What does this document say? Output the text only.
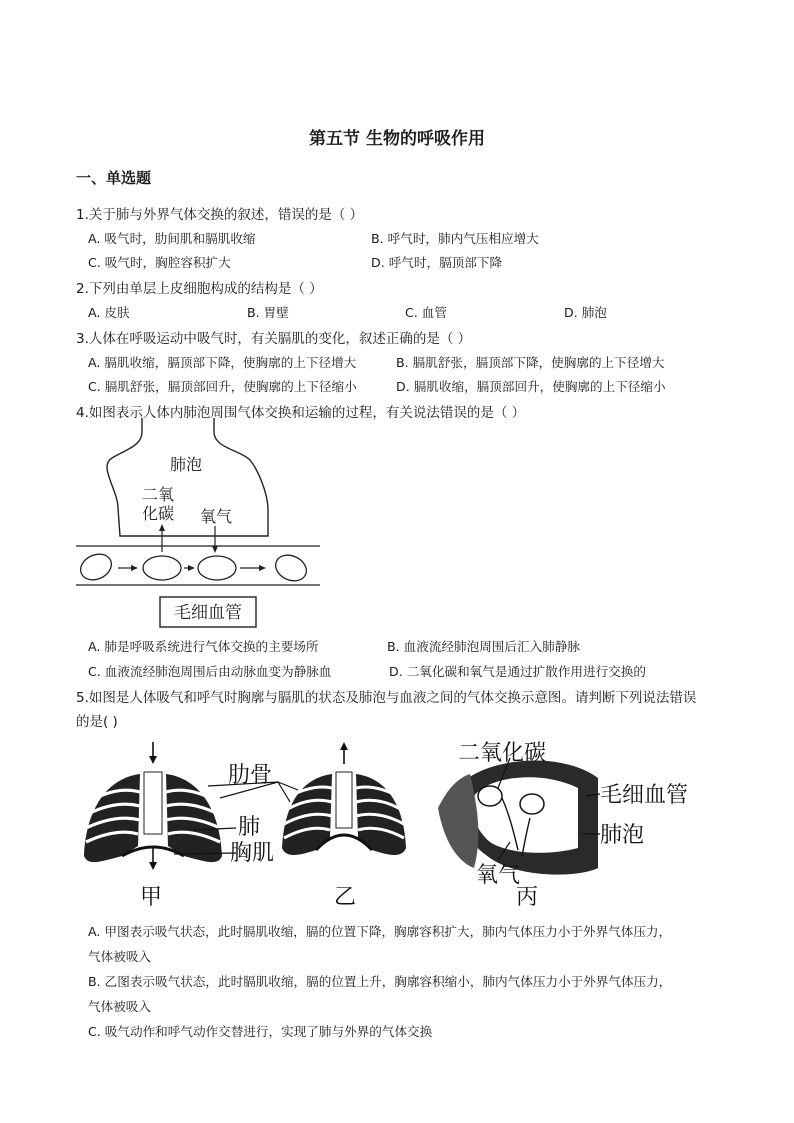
第五节 生物的呼吸作用
一、单选题
1.关于肺与外界气体交换的叙述，错误的是（ ）
A. 吸气时，肋间肌和膈肌收缩	B. 呼气时，肺内气压相应增大
C. 吸气时，胸腔容积扩大	D. 呼气时，膈顶部下降
2.下列由单层上皮细胞构成的结构是（ ）
A. 皮肤	B. 胃壁	C. 血管	D. 肺泡
3.人体在呼吸运动中吸气时，有关膈肌的变化，叙述正确的是（ ）
A. 膈肌收缩，膈顶部下降，使胸廓的上下径增大	B. 膈肌舒张，膈顶部下降，使胸廓的上下径增大
C. 膈肌舒张，膈顶部回升，使胸廓的上下径缩小	D. 膈肌收缩，膈顶部回升，使胸廓的上下径缩小
4.如图表示人体内肺泡周围气体交换和运输的过程，有关说法错误的是（ ）
肺泡
二氧
化碳 氧气
毛细血管
A. 肺是呼吸系统进行气体交换的主要场所	B. 血液流经肺泡周围后汇入肺静脉
C. 血液流经肺泡周围后由动脉血变为静脉血	D. 二氧化碳和氧气是通过扩散作用进行交换的
5.如图是人体吸气和呼气时胸廓与膈肌的状态及肺泡与血液之间的气体交换示意图。请判断下列说法错误
的是( )
肋骨
肺
胸肌
甲	乙
二氧化碳
毛细血管
肺泡
氧气
丙
A. 甲图表示吸气状态，此时膈肌收缩，膈的位置下降，胸廓容积扩大，肺内气体压力小于外界气体压力，
气体被吸入
B. 乙图表示吸气状态，此时膈肌收缩，膈的位置上升，胸廓容积缩小，肺内气体压力小于外界气体压力，
气体被吸入
C. 吸气动作和呼气动作交替进行，实现了肺与外界的气体交换
